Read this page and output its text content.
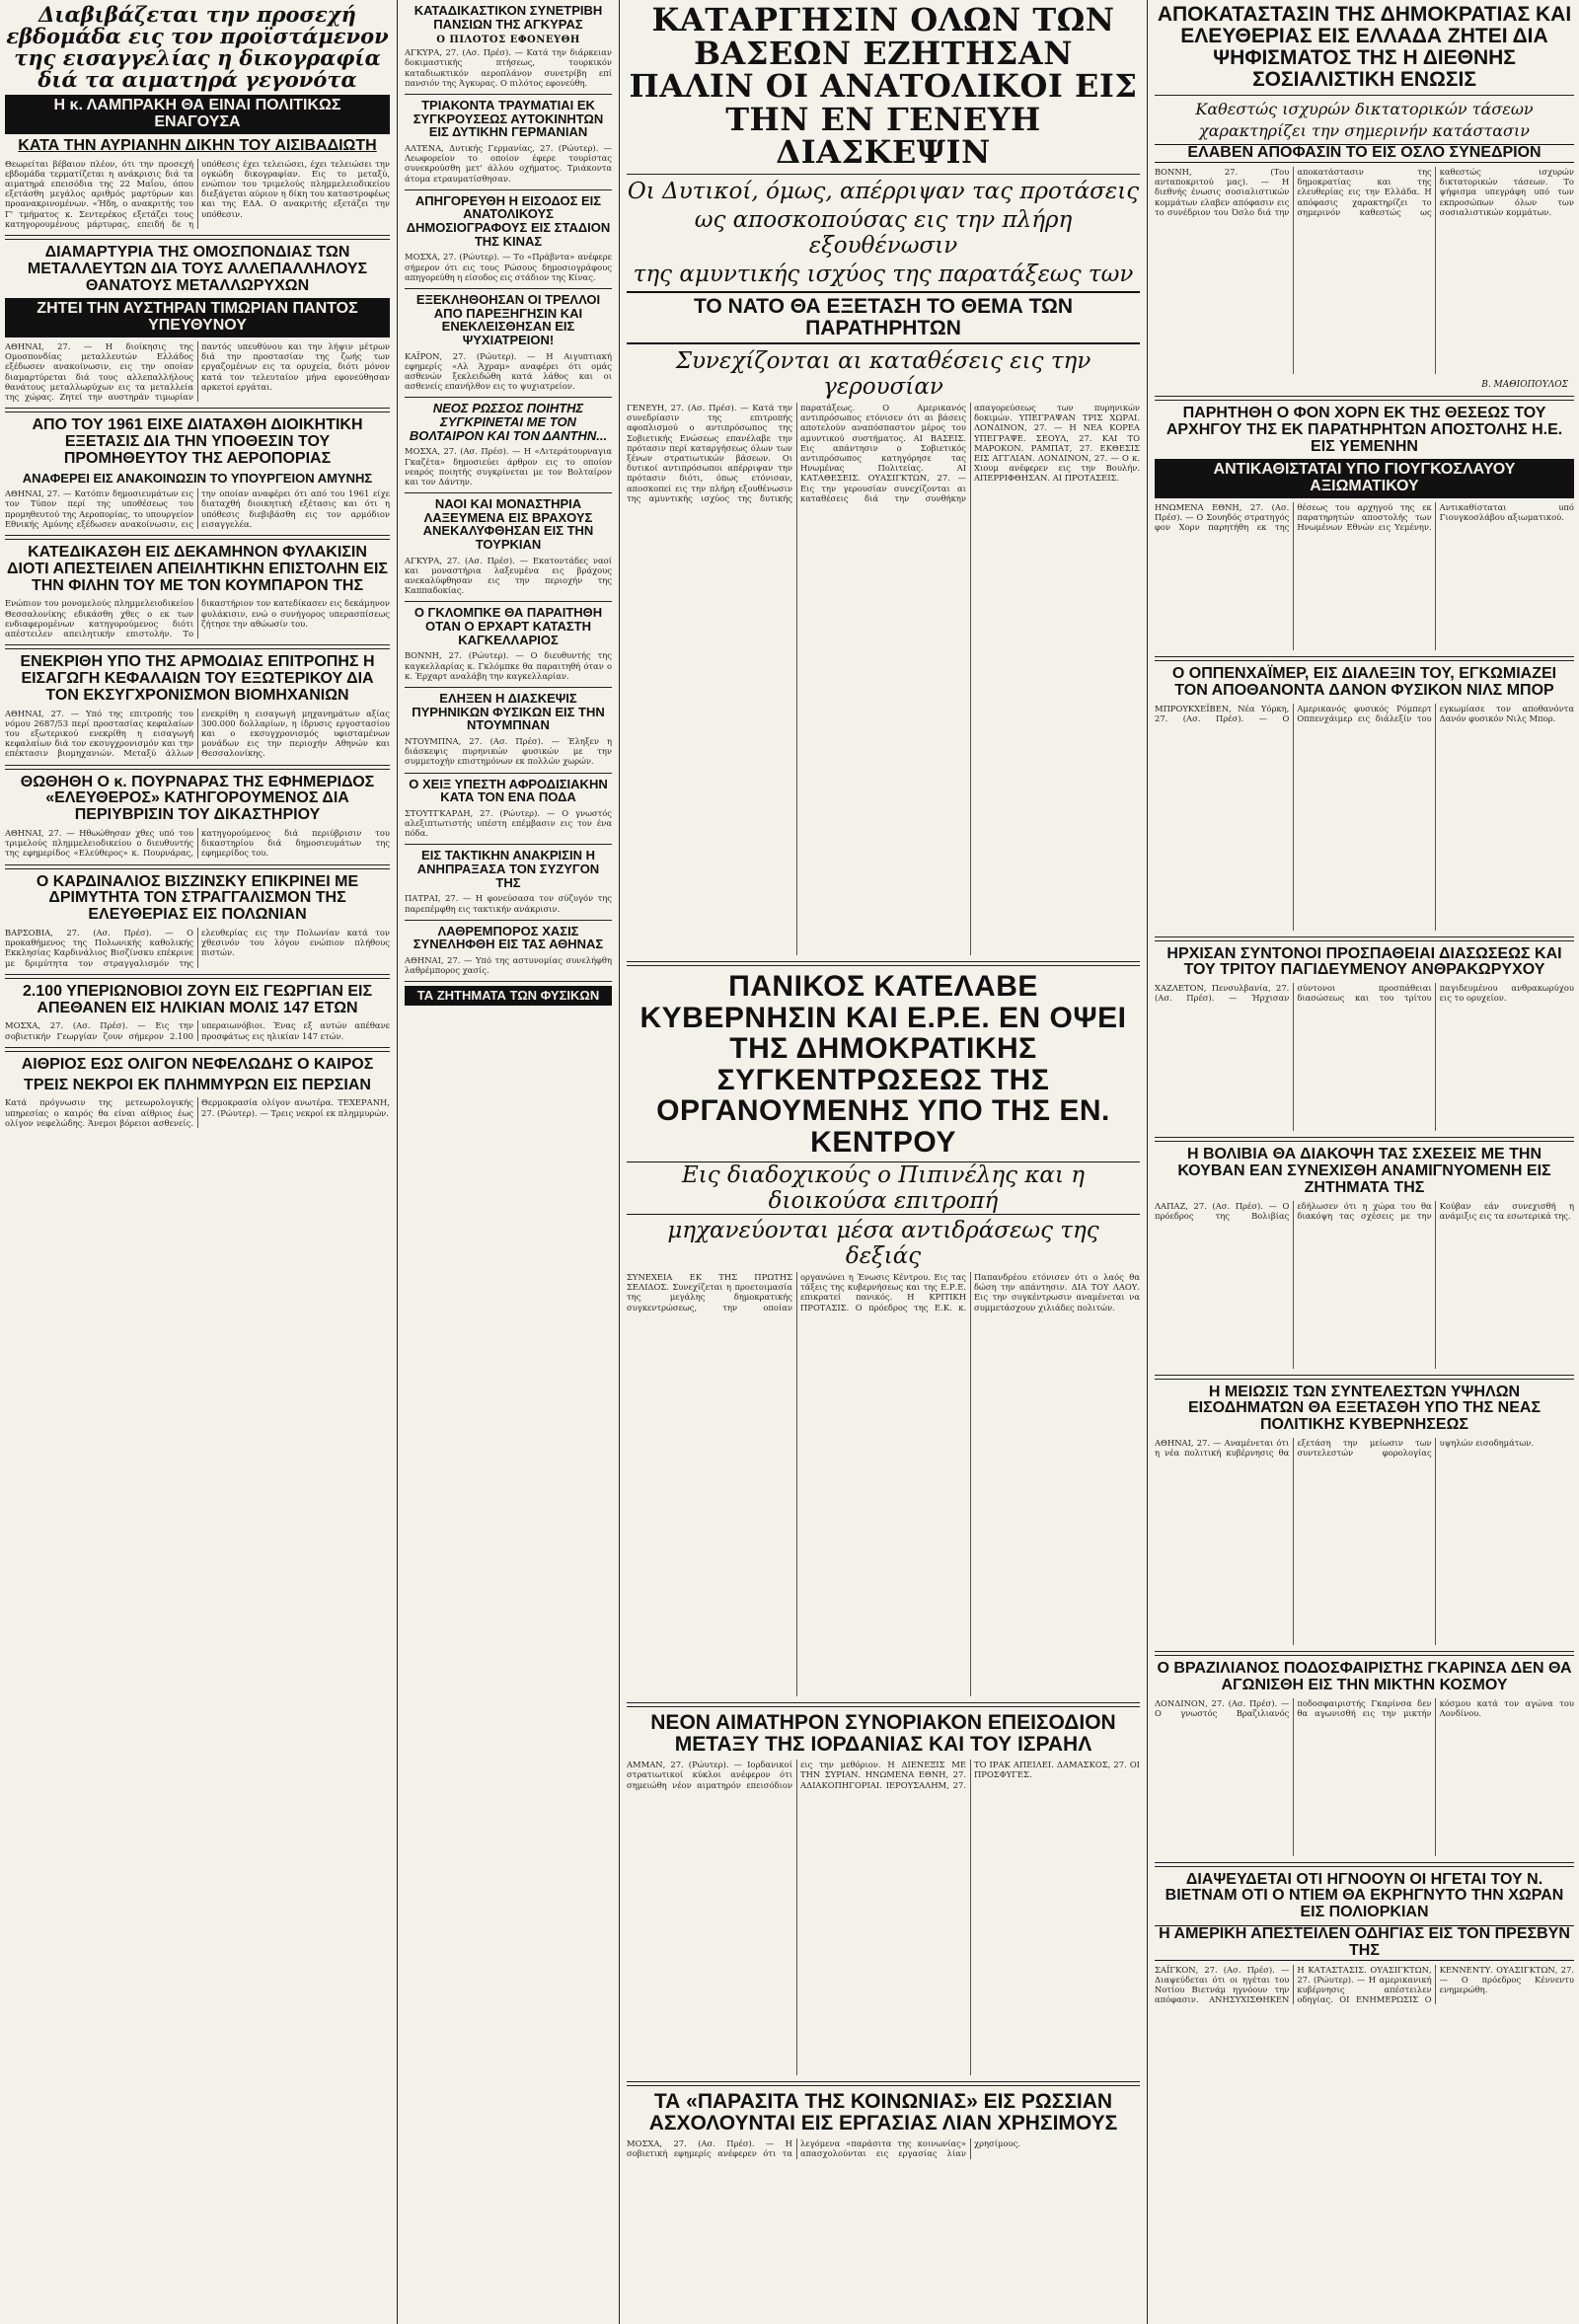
Διαβιβάζεται την προσεχή εβδομάδα εις τον προϊστάμενον της εισαγγελίας η δικογραφία διά τα αιματηρά γεγονότα
Η κ. ΛΑΜΠΡΑΚΗ ΘΑ ΕΙΝΑΙ ΠΟΛΙΤΙΚΩΣ ΕΝΑΓΟΥΣΑ
ΚΑΤΑ ΤΗΝ ΑΥΡΙΑΝΗΝ ΔΙΚΗΝ ΤΟΥ ΑΙΣΙΒΑΔΙΩΤΗ
Θεωρείται βέβαιον πλέον, ότι την προσεχή εβδομάδα τερματίζεται η ανάκρισις διά τα αιματηρά επεισόδια της 22 Μαΐου, όπου εξετάσθη μεγάλος αριθμός μαρτύρων και προανακρινομένων. «Ήδη, ο ανακριτής του Γ' τμήματος κ. Σεντερέκος εξετάζει τους κατηγορουμένους μάρτυρας, επειδή δε η υπόθεσις έχει τελειώσει, έχει τελειώσει την ογκώδη δικογραφίαν. Εις το μεταξύ, ενώπιον του τριμελούς πλημμελειοδικείου διεξάγεται αύριον η δίκη του καταστροφέως και της ΕΔΑ. Ο ανακριτής εξετάζει την υπόθεσιν.
ΔΙΑΜΑΡΤΥΡΙΑ ΤΗΣ ΟΜΟΣΠΟΝΔΙΑΣ ΤΩΝ ΜΕΤΑΛΛΕΥΤΩΝ ΔΙΑ ΤΟΥΣ ΑΛΛΕΠΑΛΛΗΛΟΥΣ ΘΑΝΑΤΟΥΣ ΜΕΤΑΛΛΩΡΥΧΩΝ
ΖΗΤΕΙ ΤΗΝ ΑΥΣΤΗΡΑΝ ΤΙΜΩΡΙΑΝ ΠΑΝΤΟΣ ΥΠΕΥΘΥΝΟΥ
ΑΘΗΝΑΙ, 27. — Η διοίκησις της Ομοσπονδίας μεταλλευτών Ελλάδος εξέδωσεν ανακοίνωσιν, εις την οποίαν διαμαρτύρεται διά τους αλλεπαλλήλους θανάτους μεταλλωρύχων εις τα μεταλλεία της χώρας. Ζητεί την αυστηράν τιμωρίαν παντός υπευθύνου και την λήψιν μέτρων διά την προστασίαν της ζωής των εργαζομένων εις τα ορυχεία, διότι μόνον κατά τον τελευταίον μήνα εφονεύθησαν αρκετοί εργάται.
ΑΠΟ ΤΟΥ 1961 ΕΙΧΕ ΔΙΑΤΑΧΘΗ ΔΙΟΙΚΗΤΙΚΗ ΕΞΕΤΑΣΙΣ ΔΙΑ ΤΗΝ ΥΠΟΘΕΣΙΝ ΤΟΥ ΠΡΟΜΗΘΕΥΤΟΥ ΤΗΣ ΑΕΡΟΠΟΡΙΑΣ
ΑΝΑΦΕΡΕΙ ΕΙΣ ΑΝΑΚΟΙΝΩΣΙΝ ΤΟ ΥΠΟΥΡΓΕΙΟΝ ΑΜΥΝΗΣ
ΑΘΗΝΑΙ, 27. — Κατόπιν δημοσιευμάτων εις τον Τύπον περί της υποθέσεως του προμηθευτού της Αεροπορίας, το υπουργείον Εθνικής Αμύνης εξέδωσεν ανακοίνωσιν, εις την οποίαν αναφέρει ότι από του 1961 είχε διαταχθή διοικητική εξέτασις και ότι η υπόθεσις διεβιβάσθη εις τον αρμόδιον εισαγγελέα.
ΚΑΤΕΔΙΚΑΣΘΗ ΕΙΣ ΔΕΚΑΜΗΝΟΝ ΦΥΛΑΚΙΣΙΝ ΔΙΟΤΙ ΑΠΕΣΤΕΙΛΕΝ ΑΠΕΙΛΗΤΙΚΗΝ ΕΠΙΣΤΟΛΗΝ ΕΙΣ ΤΗΝ ΦΙΛΗΝ ΤΟΥ ΜΕ ΤΟΝ ΚΟΥΜΠΑΡΟΝ ΤΗΣ
Ενώπιον του μονομελούς πλημμελειοδικείου Θεσσαλονίκης εδικάσθη χθες ο εκ των ενδιαφερομένων κατηγορούμενος διότι απέστειλεν απειλητικήν επιστολήν. Το δικαστήριον τον κατεδίκασεν εις δεκάμηνον φυλάκισιν, ενώ ο συνήγορος υπερασπίσεως ζήτησε την αθώωσίν του.
ΕΝΕΚΡΙΘΗ ΥΠΟ ΤΗΣ ΑΡΜΟΔΙΑΣ ΕΠΙΤΡΟΠΗΣ Η ΕΙΣΑΓΩΓΗ ΚΕΦΑΛΑΙΩΝ ΤΟΥ ΕΞΩΤΕΡΙΚΟΥ ΔΙΑ ΤΟΝ ΕΚΣΥΓΧΡΟΝΙΣΜΟΝ ΒΙΟΜΗΧΑΝΙΩΝ
ΑΘΗΝΑΙ, 27. — Υπό της επιτροπής του νόμου 2687/53 περί προστασίας κεφαλαίων του εξωτερικού ενεκρίθη η εισαγωγή κεφαλαίων διά τον εκσυγχρονισμόν και την επέκτασιν βιομηχανιών. Μεταξύ άλλων ενεκρίθη η εισαγωγή μηχανημάτων αξίας 300.000 δολλαρίων, η ίδρυσις εργοστασίου και ο εκσυγχρονισμός υφισταμένων μονάδων εις την περιοχήν Αθηνών και Θεσσαλονίκης.
ΘΩΘΗΘΗ Ο κ. ΠΟΥΡΝΑΡΑΣ ΤΗΣ ΕΦΗΜΕΡΙΔΟΣ «ΕΛΕΥΘΕΡΟΣ» ΚΑΤΗΓΟΡΟΥΜΕΝΟΣ ΔΙΑ ΠΕΡΙΥΒΡΙΣΙΝ ΤΟΥ ΔΙΚΑΣΤΗΡΙΟΥ
ΑΘΗΝΑΙ, 27. — Ηθωώθησαν χθες υπό του τριμελούς πλημμελειοδικείου ο διευθυντής της εφημερίδος «Ελεύθερος» κ. Πουρνάρας, κατηγορούμενος διά περιύβρισιν του δικαστηρίου διά δημοσιευμάτων της εφημερίδος του.
Ο ΚΑΡΔΙΝΑΛΙΟΣ ΒΙΣΖΙΝΣΚΥ ΕΠΙΚΡΙΝΕΙ ΜΕ ΔΡΙΜΥΤΗΤΑ ΤΟΝ ΣΤΡΑΓΓΑΛΙΣΜΟΝ ΤΗΣ ΕΛΕΥΘΕΡΙΑΣ ΕΙΣ ΠΟΛΩΝΙΑΝ
ΒΑΡΣΟΒΙΑ, 27. (Ασ. Πρέσ). — Ο προκαθήμενος της Πολωνικής καθολικής Εκκλησίας Καρδινάλιος Βισζίνσκυ επέκρινε με δριμύτητα τον στραγγαλισμόν της ελευθερίας εις την Πολωνίαν κατά τον χθεσινόν του λόγον ενώπιον πλήθους πιστών.
2.100 ΥΠΕΡΙΩΝΟΒΙΟΙ ΖΟΥΝ ΕΙΣ ΓΕΩΡΓΙΑΝ ΕΙΣ ΑΠΕΘΑΝΕΝ ΕΙΣ ΗΛΙΚΙΑΝ ΜΟΛΙΣ 147 ΕΤΩΝ
ΜΟΣΧΑ, 27. (Ασ. Πρέσ). — Εις την σοβιετικήν Γεωργίαν ζουν σήμερον 2.100 υπεραιωνόβιοι. Ένας εξ αυτών απέθανε προσφάτως εις ηλικίαν 147 ετών.
ΑΙΘΡΙΟΣ ΕΩΣ ΟΛΙΓΟΝ ΝΕΦΕΛΩΔΗΣ Ο ΚΑΙΡΟΣ
ΤΡΕΙΣ ΝΕΚΡΟΙ ΕΚ ΠΛΗΜΜΥΡΩΝ ΕΙΣ ΠΕΡΣΙΑΝ
Κατά πρόγνωσιν της μετεωρολογικής υπηρεσίας ο καιρός θα είναι αίθριος έως ολίγον νεφελώδης. Άνεμοι βόρειοι ασθενείς. Θερμοκρασία ολίγον ανωτέρα. ΤΕΧΕΡΑΝΗ, 27. (Ρώυτερ). — Τρεις νεκροί εκ πλημμυρών.
ΚΑΤΑΔΙΚΑΣΤΙΚΟΝ ΣΥΝΕΤΡΙΒΗ ΠΑΝΣΙΩΝ ΤΗΣ ΑΓΚΥΡΑΣ
Ο ΠΙΛΟΤΟΣ ΕΦΟΝΕΥΘΗ
ΑΓΚΥΡΑ, 27. (Ασ. Πρέσ). — Κατά την διάρκειαν δοκιμαστικής πτήσεως, τουρκικόν καταδιωκτικόν αεροπλάνον συνετρίβη επί πανσιόν της Άγκυρας. Ο πιλότος εφονεύθη.
ΤΡΙΑΚΟΝΤΑ ΤΡΑΥΜΑΤΙΑΙ ΕΚ ΣΥΓΚΡΟΥΣΕΩΣ ΑΥΤΟΚΙΝΗΤΩΝ ΕΙΣ ΔΥΤΙΚΗΝ ΓΕΡΜΑΝΙΑΝ
ΑΛΤΕΝΑ, Δυτικής Γερμανίας, 27. (Ρώυτερ). — Λεωφορείον το οποίον έφερε τουρίστας συνεκρούσθη μετ' άλλου οχήματος. Τριάκοντα άτομα ετραυματίσθησαν.
ΑΠΗΓΟΡΕΥΘΗ Η ΕΙΣΟΔΟΣ ΕΙΣ ΑΝΑΤΟΛΙΚΟΥΣ ΔΗΜΟΣΙΟΓΡΑΦΟΥΣ ΕΙΣ ΣΤΑΔΙΟΝ ΤΗΣ ΚΙΝΑΣ
ΜΟΣΧΑ, 27. (Ρώυτερ). — Το «Πράβντα» ανέφερε σήμερον ότι εις τους Ρώσους δημοσιογράφους απηγορεύθη η είσοδος εις στάδιον της Κίνας.
ΕΞΕΚΛΗΘΟΗΣΑΝ ΟΙ ΤΡΕΛΛΟΙ ΑΠΟ ΠΑΡΕΞΗΓΗΣΙΝ ΚΑΙ ΕΝΕΚΛΕΙΣΘΗΣΑΝ ΕΙΣ ΨΥΧΙΑΤΡΕΙΟΝ!
ΚΑΪΡΟΝ, 27. (Ρώυτερ). — Η Αιγυπτιακή εφημερίς «Αλ Άχραμ» αναφέρει ότι ομάς ασθενών ξεκλειδώθη κατά λάθος και οι ασθενείς επανήλθον εις το ψυχιατρείον.
ΝΕΟΣ ΡΩΣΣΟΣ ΠΟΙΗΤΗΣ ΣΥΓΚΡΙΝΕΤΑΙ ΜΕ ΤΟΝ ΒΟΛΤΑΙΡΟΝ ΚΑΙ ΤΟΝ ΔΑΝΤΗΝ...
ΜΟΣΧΑ, 27. (Ασ. Πρέσ). — Η «Λιτεράτουρναγια Γκαζέτα» δημοσιεύει άρθρον εις το οποίον νεαρός ποιητής συγκρίνεται με τον Βολταίρον και τον Δάντην.
ΝΑΟΙ ΚΑΙ ΜΟΝΑΣΤΗΡΙΑ ΛΑΞΕΥΜΕΝΑ ΕΙΣ ΒΡΑΧΟΥΣ ΑΝΕΚΑΛΥΦΘΗΣΑΝ ΕΙΣ ΤΗΝ ΤΟΥΡΚΙΑΝ
ΑΓΚΥΡΑ, 27. (Ασ. Πρέσ). — Εκατοντάδες ναοί και μοναστήρια λαξευμένα εις βράχους ανεκαλύφθησαν εις την περιοχήν της Καππαδοκίας.
Ο ΓΚΛΟΜΠΚΕ ΘΑ ΠΑΡΑΙΤΗΘΗ ΟΤΑΝ Ο ΕΡΧΑΡΤ ΚΑΤΑΣΤΗ ΚΑΓΚΕΛΛΑΡΙΟΣ
ΒΟΝΝΗ, 27. (Ρώυτερ). — Ο διευθυντής της καγκελλαρίας κ. Γκλόμπκε θα παραιτηθή όταν ο κ. Έρχαρτ αναλάβη την καγκελλαρίαν.
ΕΛΗΞΕΝ Η ΔΙΑΣΚΕΨΙΣ ΠΥΡΗΝΙΚΩΝ ΦΥΣΙΚΩΝ ΕΙΣ ΤΗΝ ΝΤΟΥΜΠΝΑΝ
ΝΤΟΥΜΠΝΑ, 27. (Ασ. Πρέσ). — Έληξεν η διάσκεψις πυρηνικών φυσικών με την συμμετοχήν επιστημόνων εκ πολλών χωρών.
Ο ΧΕΙΞ ΥΠΕΣΤΗ ΑΦΡΟΔΙΣΙΑΚΗΝ ΚΑΤΑ ΤΟΝ ΕΝΑ ΠΟΔΑ
ΣΤΟΥΤΓΚΑΡΔΗ, 27. (Ρώυτερ). — Ο γνωστός αλεξιπτωτιστής υπέστη επέμβασιν εις τον ένα πόδα.
ΕΙΣ ΤΑΚΤΙΚΗΝ ΑΝΑΚΡΙΣΙΝ Η ΑΝΗΠΡΑΞΑΣΑ ΤΟΝ ΣΥΖΥΓΟΝ ΤΗΣ
ΠΑΤΡΑΙ, 27. — Η φονεύσασα τον σύζυγόν της παρεπέμφθη εις τακτικήν ανάκρισιν.
ΛΑΘΡΕΜΠΟΡΟΣ ΧΑΣΙΣ ΣΥΝΕΛΗΦΘΗ ΕΙΣ ΤΑΣ ΑΘΗΝΑΣ
ΑΘΗΝΑΙ, 27. — Υπό της αστυνομίας συνελήφθη λαθρέμπορος χασίς.
ΤΑ ΖΗΤΗΜΑΤΑ ΤΩΝ ΦΥΣΙΚΩΝ
ΚΑΤΑΡΓΗΣΙΝ ΟΛΩΝ ΤΩΝ ΒΑΣΕΩΝ ΕΖΗΤΗΣΑΝ ΠΑΛΙΝ ΟΙ ΑΝΑΤΟΛΙΚΟΙ ΕΙΣ ΤΗΝ ΕΝ ΓΕΝΕΥΗ ΔΙΑΣΚΕΨΙΝ
Οι Δυτικοί, όμως, απέρριψαν τας προτάσεις
ως αποσκοπούσας εις την πλήρη εξουθένωσιν
της αμυντικής ισχύος της παρατάξεως των
ΤΟ ΝΑΤΟ ΘΑ ΕΞΕΤΑΣΗ ΤΟ ΘΕΜΑ ΤΩΝ ΠΑΡΑΤΗΡΗΤΩΝ
Συνεχίζονται αι καταθέσεις εις την γερουσίαν
ΓΕΝΕΥΗ, 27. (Ασ. Πρέσ). — Κατά την συνεδρίασιν της επιτροπής αφοπλισμού ο αντιπρόσωπος της Σοβιετικής Ενώσεως επανέλαβε την πρότασιν περί καταργήσεως όλων των ξένων στρατιωτικών βάσεων. Οι δυτικοί αντιπρόσωποι απέρριψαν την πρότασιν διότι, όπως ετόνισαν, αποσκοπεί εις την πλήρη εξουθένωσιν της αμυντικής ισχύος της δυτικής παρατάξεως. Ο Αμερικανός αντιπρόσωπος ετόνισεν ότι αι βάσεις αποτελούν αναπόσπαστον μέρος του αμυντικού συστήματος. ΑΙ ΒΑΣΕΙΣ. Εις απάντησιν ο Σοβιετικός αντιπρόσωπος κατηγόρησε τας Ηνωμένας Πολιτείας. ΑΙ ΚΑΤΑΘΕΣΕΙΣ. ΟΥΑΣΙΓΚΤΩΝ, 27. — Εις την γερουσίαν συνεχίζονται αι καταθέσεις διά την συνθήκην απαγορεύσεως των πυρηνικών δοκιμών. ΥΠΕΓΡΑΨΑΝ ΤΡΙΣ ΧΩΡΑΙ. ΛΟΝΔΙΝΟΝ, 27. — Η ΝΕΑ ΚΟΡΕΑ ΥΠΕΓΡΑΨΕ. ΣΕΟΥΛ, 27. ΚΑΙ ΤΟ ΜΑΡΟΚΟΝ. ΡΑΜΠΑΤ, 27. ΕΚΘΕΣΙΣ ΕΙΣ ΑΓΓΛΙΑΝ. ΛΟΝΔΙΝΟΝ, 27. — Ο κ. Χιουμ ανέφερεν εις την Βουλήν. ΑΠΕΡΡΙΦΘΗΣΑΝ. ΑΙ ΠΡΟΤΑΣΕΙΣ.
ΠΑΝΙΚΟΣ ΚΑΤΕΛΑΒΕ ΚΥΒΕΡΝΗΣΙΝ ΚΑΙ Ε.Ρ.Ε. ΕΝ ΟΨΕΙ ΤΗΣ ΔΗΜΟΚΡΑΤΙΚΗΣ ΣΥΓΚΕΝΤΡΩΣΕΩΣ ΤΗΣ ΟΡΓΑΝΟΥΜΕΝΗΣ ΥΠΟ ΤΗΣ ΕΝ. ΚΕΝΤΡΟΥ
Εις διαδοχικούς ο Πιπινέλης και η διοικούσα επιτροπή
μηχανεύονται μέσα αντιδράσεως της δεξιάς
ΣΥΝΕΧΕΙΑ ΕΚ ΤΗΣ ΠΡΩΤΗΣ ΣΕΛΙΔΟΣ. Συνεχίζεται η προετοιμασία της μεγάλης δημοκρατικής συγκεντρώσεως, την οποίαν οργανώνει η Ένωσις Κέντρου. Εις τας τάξεις της κυβερνήσεως και της Ε.Ρ.Ε. επικρατεί πανικός. Η ΚΡΙΤΙΚΗ ΠΡΟΤΑΣΙΣ. Ο πρόεδρος της Ε.Κ. κ. Παπανδρέου ετόνισεν ότι ο λαός θα δώση την απάντησιν. ΔΙΑ ΤΟΥ ΛΑΟΥ. Εις την συγκέντρωσιν αναμένεται να συμμετάσχουν χιλιάδες πολιτών.
ΝΕΟΝ ΑΙΜΑΤΗΡΟΝ ΣΥΝΟΡΙΑΚΟΝ ΕΠΕΙΣΟΔΙΟΝ ΜΕΤΑΞΥ ΤΗΣ ΙΟΡΔΑΝΙΑΣ ΚΑΙ ΤΟΥ ΙΣΡΑΗΛ
ΑΜΜΑΝ, 27. (Ρώυτερ). — Ιορδανικοί στρατιωτικοί κύκλοι ανέφερον ότι σημειώθη νέον αιματηρόν επεισόδιον εις την μεθόριον. Η ΔΙΕΝΕΞΙΣ ΜΕ ΤΗΝ ΣΥΡΙΑΝ. ΗΝΩΜΕΝΑ ΕΘΝΗ, 27. ΑΔΙΑΚΟΠΗΓΟΡΙΑΙ. ΙΕΡΟΥΣΑΛΗΜ, 27. ΤΟ ΙΡΑΚ ΑΠΕΙΛΕΙ. ΔΑΜΑΣΚΟΣ, 27. ΟΙ ΠΡΟΣΦΥΓΕΣ.
ΤΑ «ΠΑΡΑΣΙΤΑ ΤΗΣ ΚΟΙΝΩΝΙΑΣ» ΕΙΣ ΡΩΣΣΙΑΝ ΑΣΧΟΛΟΥΝΤΑΙ ΕΙΣ ΕΡΓΑΣΙΑΣ ΛΙΑΝ ΧΡΗΣΙΜΟΥΣ
ΜΟΣΧΑ, 27. (Ασ. Πρέσ). — Η σοβιετική εφημερίς ανέφερεν ότι τα λεγόμενα «παράσιτα της κοινωνίας» απασχολούνται εις εργασίας λίαν χρησίμους.
ΑΠΟΚΑΤΑΣΤΑΣΙΝ ΤΗΣ ΔΗΜΟΚΡΑΤΙΑΣ ΚΑΙ ΕΛΕΥΘΕΡΙΑΣ ΕΙΣ ΕΛΛΑΔΑ ΖΗΤΕΙ ΔΙΑ ΨΗΦΙΣΜΑΤΟΣ ΤΗΣ Η ΔΙΕΘΝΗΣ ΣΟΣΙΑΛΙΣΤΙΚΗ ΕΝΩΣΙΣ
Καθεστώς ισχυρών δικτατορικών τάσεων
χαρακτηρίζει την σημερινήν κατάστασιν
ΕΛΑΒΕΝ ΑΠΟΦΑΣΙΝ ΤΟ ΕΙΣ ΟΣΛΟ ΣΥΝΕΔΡΙΟΝ
ΒΟΝΝΗ, 27. (Του ανταποκριτού μας). — Η διεθνής ένωσις σοσιαλιστικών κομμάτων ελαβεν απόφασιν εις το συνέδριον του Όσλο διά την αποκατάστασιν της δημοκρατίας και της ελευθερίας εις την Ελλάδα. Η απόφασις χαρακτηρίζει το σημερινόν καθεστώς ως καθεστώς ισχυρών δικτατορικών τάσεων. Το ψήφισμα υπεγράφη υπό των εκπροσώπων όλων των σοσιαλιστικών κομμάτων.
Β. ΜΑΘΙΟΠΟΥΛΟΣ
ΠΑΡΗΤΗΘΗ Ο ΦΟΝ ΧΟΡΝ ΕΚ ΤΗΣ ΘΕΣΕΩΣ ΤΟΥ ΑΡΧΗΓΟΥ ΤΗΣ ΕΚ ΠΑΡΑΤΗΡΗΤΩΝ ΑΠΟΣΤΟΛΗΣ Η.Ε. ΕΙΣ ΥΕΜΕΝΗΝ
ΑΝΤΙΚΑΘΙΣΤΑΤΑΙ ΥΠΟ ΓΙΟΥΓΚΟΣΛΑΥΟΥ ΑΞΙΩΜΑΤΙΚΟΥ
ΗΝΩΜΕΝΑ ΕΘΝΗ, 27. (Ασ. Πρέσ). — Ο Σουηδός στρατηγός φον Χορν παρητήθη εκ της θέσεως του αρχηγού της εκ παρατηρητών αποστολής των Ηνωμένων Εθνών εις Υεμένην. Αντικαθίσταται υπό Γιουγκοσλάβου αξιωματικού.
Ο ΟΠΠΕΝΧΑΪΜΕΡ, ΕΙΣ ΔΙΑΛΕΞΙΝ ΤΟΥ, ΕΓΚΩΜΙΑΖΕΙ ΤΟΝ ΑΠΟΘΑΝΟΝΤΑ ΔΑΝΟΝ ΦΥΣΙΚΟΝ ΝΙΛΣ ΜΠΟΡ
ΜΠΡΟΥΚΧΕΪΒΕΝ, Νέα Υόρκη, 27. (Ασ. Πρέσ). — Ο Αμερικανός φυσικός Ρόμπερτ Οππενχάιμερ εις διάλεξίν του εγκωμίασε τον αποθανόντα Δανόν φυσικόν Νιλς Μπορ.
ΗΡΧΙΣΑΝ ΣΥΝΤΟΝΟΙ ΠΡΟΣΠΑΘΕΙΑΙ ΔΙΑΣΩΣΕΩΣ ΚΑΙ ΤΟΥ ΤΡΙΤΟΥ ΠΑΓΙΔΕΥΜΕΝΟΥ ΑΝΘΡΑΚΩΡΥΧΟΥ
ΧΑΖΛΕΤΟΝ, Πενσυλβανία, 27. (Ασ. Πρέσ). — Ήρχισαν σύντονοι προσπάθειαι διασώσεως και του τρίτου παγιδευμένου ανθρακωρύχου εις το ορυχείον.
Η ΒΟΛΙΒΙΑ ΘΑ ΔΙΑΚΟΨΗ ΤΑΣ ΣΧΕΣΕΙΣ ΜΕ ΤΗΝ ΚΟΥΒΑΝ ΕΑΝ ΣΥΝΕΧΙΣΘΗ ΑΝΑΜΙΓΝΥΟΜΕΝΗ ΕΙΣ ΖΗΤΗΜΑΤΑ ΤΗΣ
ΛΑΠΑΖ, 27. (Ασ. Πρέσ). — Ο πρόεδρος της Βολιβίας εδήλωσεν ότι η χώρα του θα διακόψη τας σχέσεις με την Κούβαν εάν συνεχισθή η ανάμιξις εις τα εσωτερικά της.
Η ΜΕΙΩΣΙΣ ΤΩΝ ΣΥΝΤΕΛΕΣΤΩΝ ΥΨΗΛΩΝ ΕΙΣΟΔΗΜΑΤΩΝ ΘΑ ΕΞΕΤΑΣΘΗ ΥΠΟ ΤΗΣ ΝΕΑΣ ΠΟΛΙΤΙΚΗΣ ΚΥΒΕΡΝΗΣΕΩΣ
ΑΘΗΝΑΙ, 27. — Αναμένεται ότι η νέα πολιτική κυβέρνησις θα εξετάση την μείωσιν των συντελεστών φορολογίας υψηλών εισοδημάτων.
Ο ΒΡΑΖΙΛΙΑΝΟΣ ΠΟΔΟΣΦΑΙΡΙΣΤΗΣ ΓΚΑΡΙΝΣΑ ΔΕΝ ΘΑ ΑΓΩΝΙΣΘΗ ΕΙΣ ΤΗΝ ΜΙΚΤΗΝ ΚΟΣΜΟΥ
ΛΟΝΔΙΝΟΝ, 27. (Ασ. Πρέσ). — Ο γνωστός Βραζιλιανός ποδοσφαιριστής Γκαρίνσα δεν θα αγωνισθή εις την μικτήν κόσμου κατά τον αγώνα του Λονδίνου.
ΔΙΑΨΕΥΔΕΤΑΙ ΟΤΙ ΗΓΝΟΟΥΝ ΟΙ ΗΓΕΤΑΙ ΤΟΥ Ν. ΒΙΕΤΝΑΜ ΟΤΙ Ο ΝΤΙΕΜ ΘΑ ΕΚΡΗΓΝΥΤΟ ΤΗΝ ΧΩΡΑΝ ΕΙΣ ΠΟΛΙΟΡΚΙΑΝ
Η ΑΜΕΡΙΚΗ ΑΠΕΣΤΕΙΛΕΝ ΟΔΗΓΙΑΣ ΕΙΣ ΤΟΝ ΠΡΕΣΒΥΝ ΤΗΣ
ΣΑΪΓΚΟΝ, 27. (Ασ. Πρέσ). — Διαψεύδεται ότι οι ηγέται του Νοτίου Βιετνάμ ηγνόουν την απόφασιν. ΑΝΗΣΥΧΙΣΘΗΚΕΝ Η ΚΑΤΑΣΤΑΣΙΣ. ΟΥΑΣΙΓΚΤΩΝ, 27. (Ρώυτερ). — Η αμερικανική κυβέρνησις απέστειλεν οδηγίας. ΟΙ ΕΝΗΜΕΡΩΣΙΣ Ο ΚΕΝΝΕΝΤΥ. ΟΥΑΣΙΓΚΤΩΝ, 27. — Ο πρόεδρος Κέννεντυ ενημερώθη.
